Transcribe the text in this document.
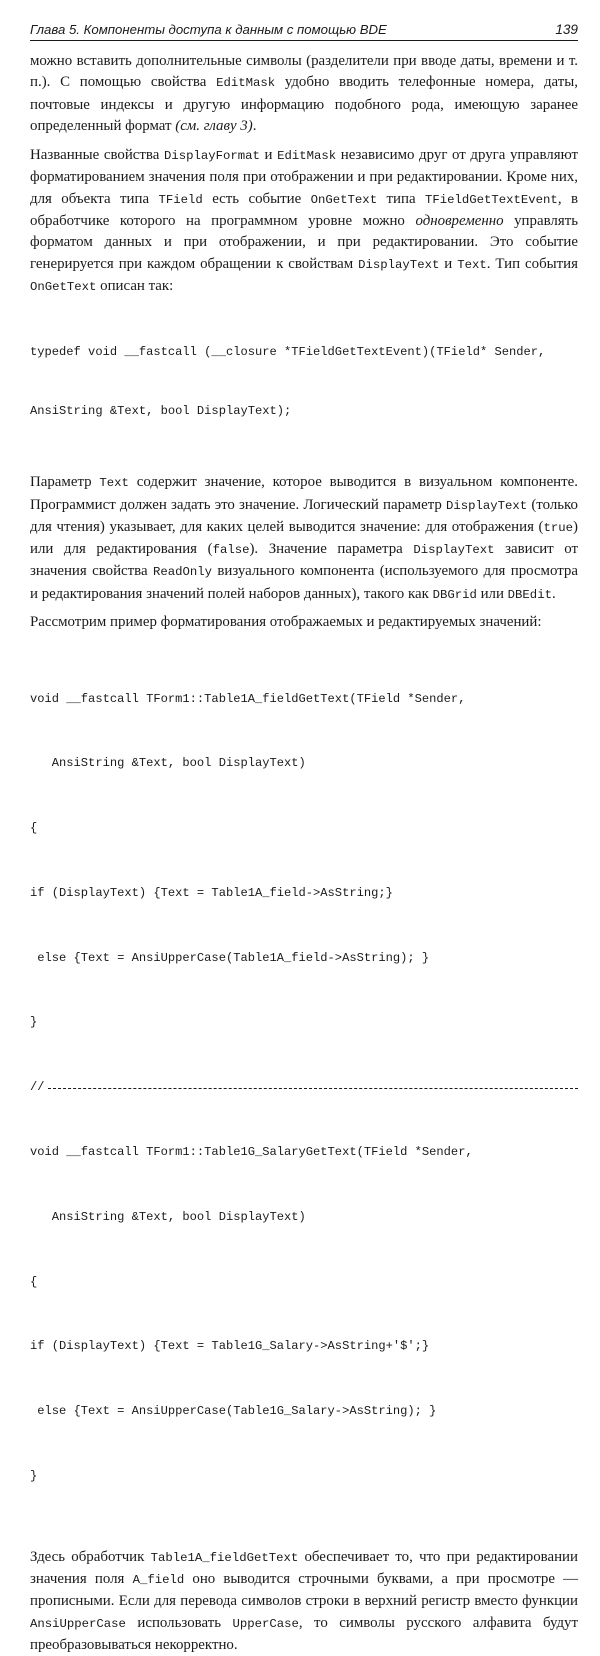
Глава 5. Компоненты доступа к данным с помощью BDE	139

можно вставить дополнительные символы (разделители при вводе даты, времени и т. п.). С помощью свойства EditMask удобно вводить телефонные номера, даты, почтовые индексы и другую информацию подобного рода, имеющую заранее определенный формат (см. главу 3).

Названные свойства DisplayFormat и EditMask независимо друг от друга управляют форматированием значения поля при отображении и при редактировании. Кроме них, для объекта типа TField есть событие OnGetText типа TFieldGetTextEvent, в обработчике которого на программном уровне можно одновременно управлять форматом данных и при отображении, и при редактировании. Это событие генерируется при каждом обращении к свойствам DisplayText и Text. Тип события OnGetText описан так:

typedef void __fastcall (__closure *TFieldGetTextEvent)(TField* Sender,

AnsiString &Text, bool DisplayText);

Параметр Text содержит значение, которое выводится в визуальном компоненте. Программист должен задать это значение. Логический параметр DisplayText (только для чтения) указывает, для каких целей выводится значение: для отображения (true) или для редактирования (false). Значение параметра DisplayText зависит от значения свойства ReadOnly визуального компонента (используемого для просмотра и редактирования значений полей наборов данных), такого как DBGrid или DBEdit.

Рассмотрим пример форматирования отображаемых и редактируемых значений:

void __fastcall TForm1::Table1A_fieldGetText(TField *Sender,

AnsiString &Text, bool DisplayText)

{

if (DisplayText) {Text = Table1A_field->AsString;}

else {Text = AnsiUpperCase(Table1A_field->AsString); }

}

//

void __fastcall TForm1::Table1G_SalaryGetText(TField *Sender,

AnsiString &Text, bool DisplayText)

{

if (DisplayText) {Text = Table1G_Salary->AsString+'$';}

else {Text = AnsiUpperCase(Table1G_Salary->AsString); }

}

Здесь обработчик Table1A_fieldGetText обеспечивает то, что при редактировании значения поля A_field оно выводится строчными буквами, а при просмотре — прописными. Если для перевода символов строки в верхний регистр вместо функции AnsiUpperCase использовать UpperCase, то символы русского алфавита будут преобразовываться некорректно.
